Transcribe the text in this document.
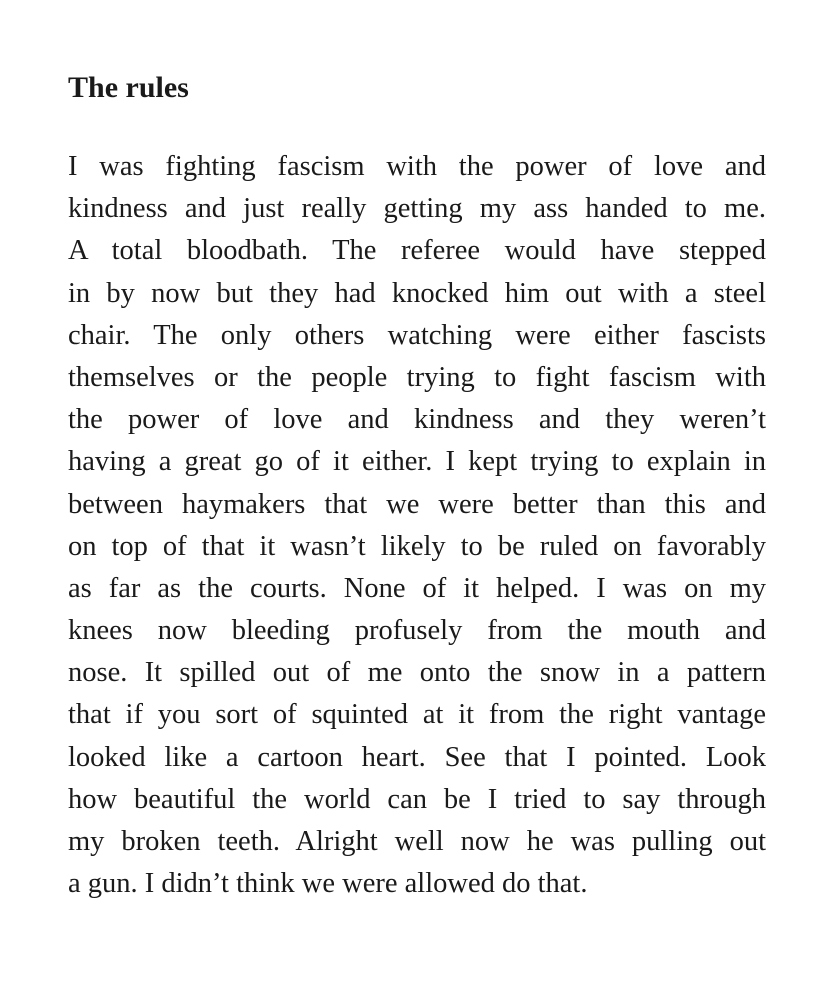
The rules
I was fighting fascism with the power of love and
kindness and just really getting my ass handed to me.
A total bloodbath. The referee would have stepped
in by now but they had knocked him out with a steel
chair. The only others watching were either fascists
themselves or the people trying to fight fascism with
the power of love and kindness and they weren’t
having a great go of it either. I kept trying to explain in
between haymakers that we were better than this and
on top of that it wasn’t likely to be ruled on favorably
as far as the courts. None of it helped. I was on my
knees now bleeding profusely from the mouth and
nose. It spilled out of me onto the snow in a pattern
that if you sort of squinted at it from the right vantage
looked like a cartoon heart. See that I pointed. Look
how beautiful the world can be I tried to say through
my broken teeth. Alright well now he was pulling out
a gun. I didn’t think we were allowed do that.
